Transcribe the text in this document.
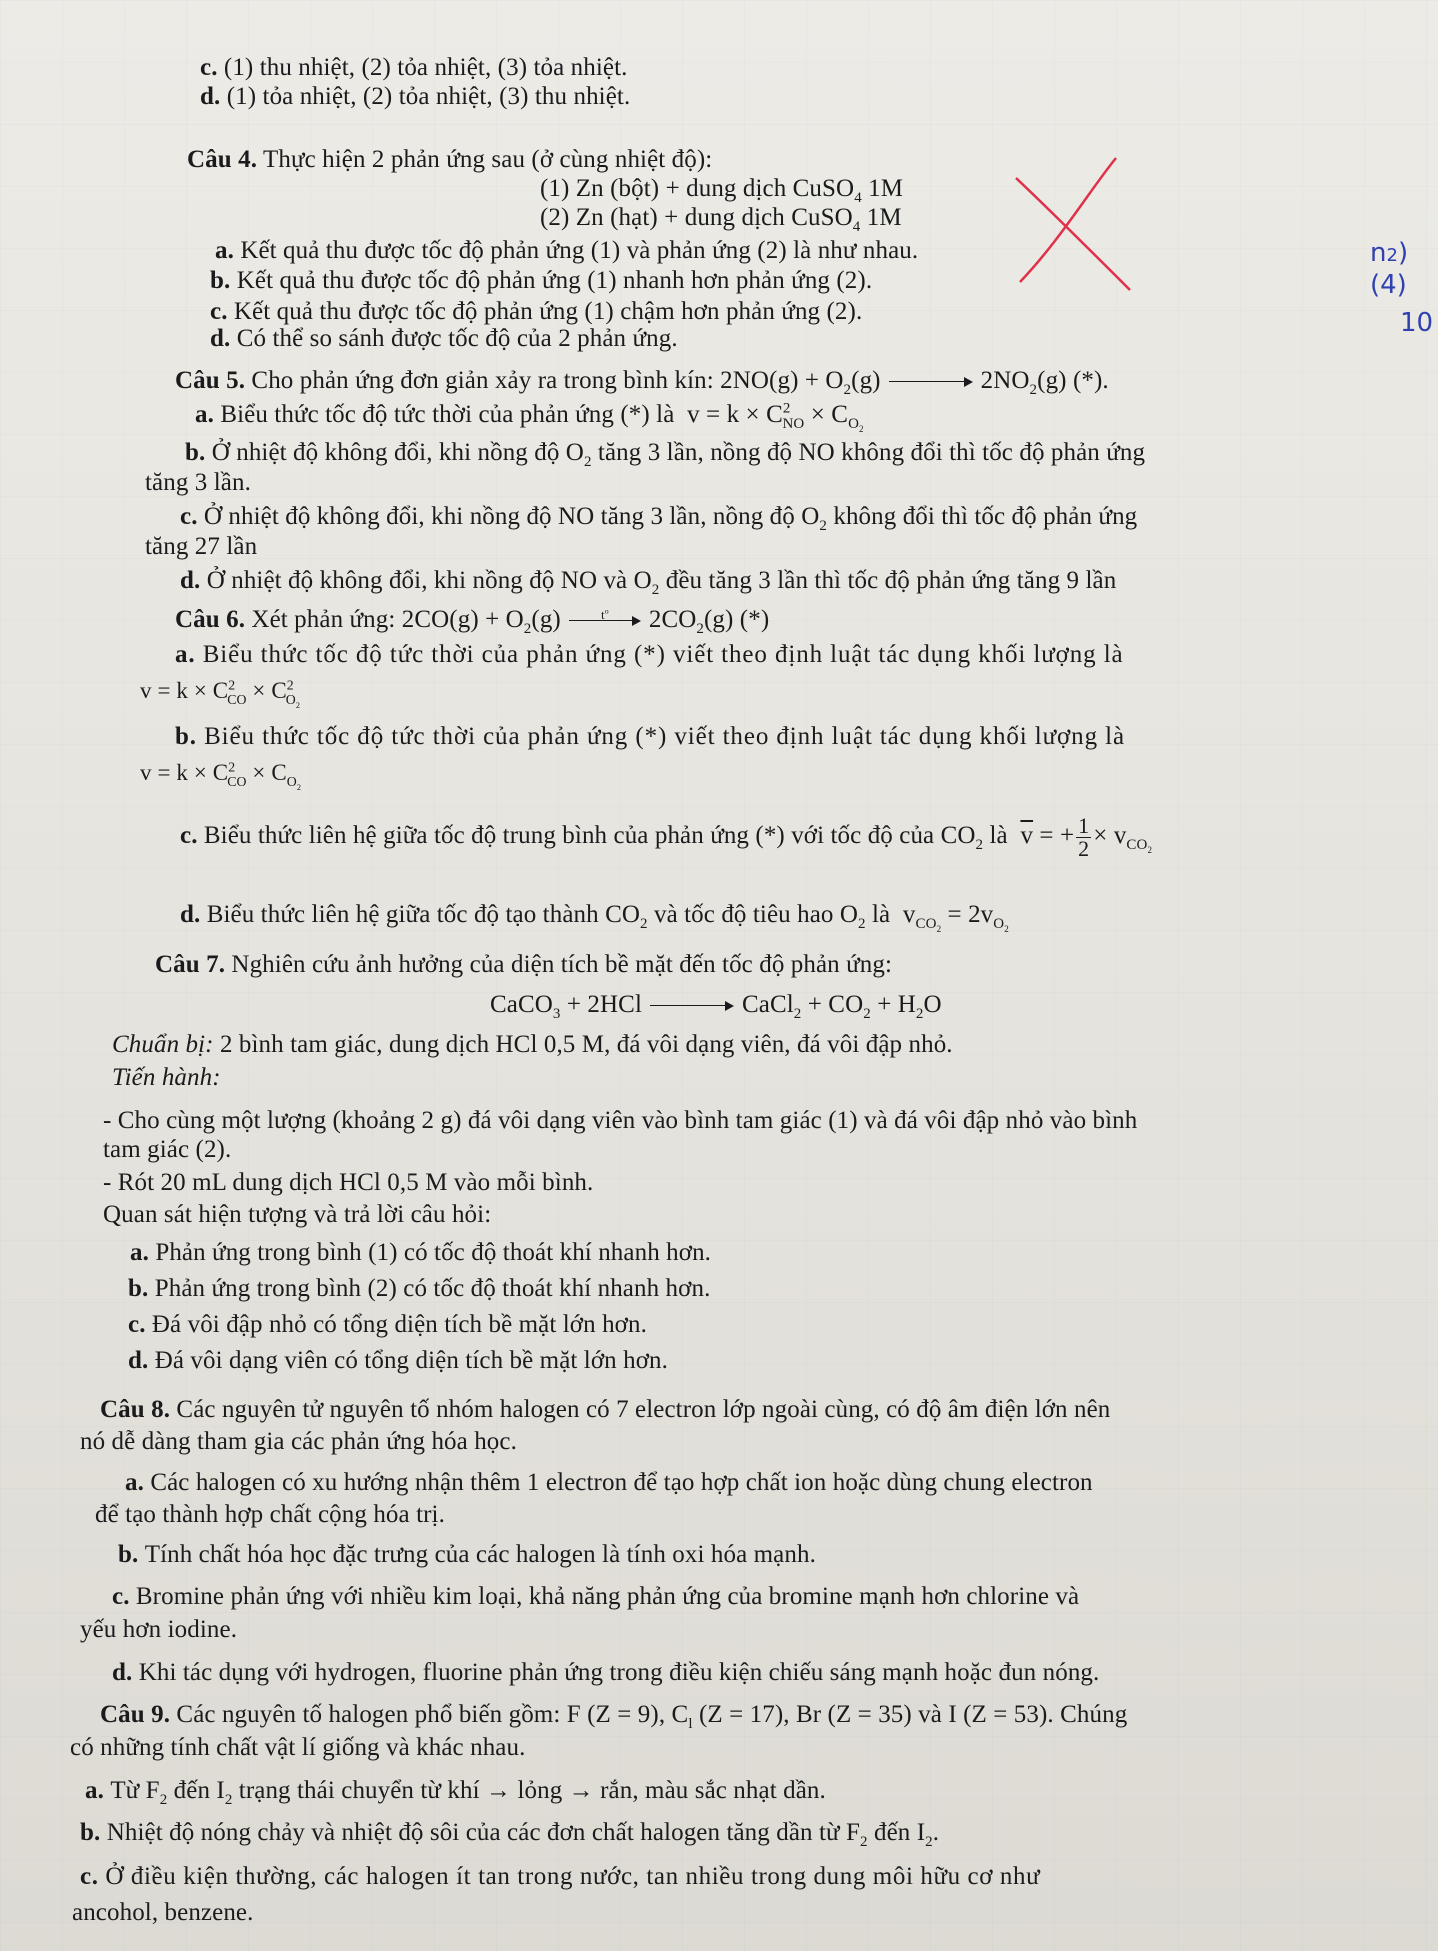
n2)
(4)
10
c. (1) thu nhiệt, (2) tỏa nhiệt, (3) tỏa nhiệt.
d. (1) tỏa nhiệt, (2) tỏa nhiệt, (3) thu nhiệt.
Câu 4. Thực hiện 2 phản ứng sau (ở cùng nhiệt độ):
(1) Zn (bột) + dung dịch CuSO$_4$ 1M
(2) Zn (hạt) + dung dịch CuSO$_4$ 1M
a. Kết quả thu được tốc độ phản ứng (1) và phản ứng (2) là như nhau.
b. Kết quả thu được tốc độ phản ứng (1) nhanh hơn phản ứng (2).
c. Kết quả thu được tốc độ phản ứng (1) chậm hơn phản ứng (2).
d. Có thể so sánh được tốc độ của 2 phản ứng.
Câu 5. Cho phản ứng đơn giản xảy ra trong bình kín: $2NO(g) + O_2(g)$	$2NO_2(g)$ (*).
a. Biểu thức tốc độ tức thời của phản ứng (*) là  $v = k \times C^2_{NO} \times C_{O_2}$
b. Ở nhiệt độ không đổi, khi nồng độ $O_2$ tăng 3 lần, nồng độ NO không đổi thì tốc độ phản ứng
tăng 3 lần.
c. Ở nhiệt độ không đổi, khi nồng độ NO tăng 3 lần, nồng độ $O_2$ không đổi thì tốc độ phản ứng
tăng 27 lần
d. Ở nhiệt độ không đổi, khi nồng độ NO và $O_2$ đều tăng 3 lần thì tốc độ phản ứng tăng 9 lần
Câu 6. Xét phản ứng: $2CO(g) + O_2(g)$	$t^o$	$2CO_2(g)$ (*)
a. Biểu thức tốc độ tức thời của phản ứng (*) viết theo định luật tác dụng khối lượng là
$v = k \times C^2_{CO} \times C^2_{O_2}$
b. Biểu thức tốc độ tức thời của phản ứng (*) viết theo định luật tác dụng khối lượng là
$v = k \times C^2_{CO} \times C_{O_2}$
c. Biểu thức liên hệ giữa tốc độ trung bình của phản ứng (*) với tốc độ của $CO_2$ là  $\overline{v}$ = + $\frac{1}{2} \times v_{CO_2}$
d. Biểu thức liên hệ giữa tốc độ tạo thành $CO_2$ và tốc độ tiêu hao $O_2$ là  $v_{CO_2} = 2v_{O_2}$
Câu 7. Nghiên cứu ảnh hưởng của diện tích bề mặt đến tốc độ phản ứng:
CaCO$_3$ + 2HCl	CaCl$_2$ + $CO_2 + H_2O$
Chuẩn bị: 2 bình tam giác, dung dịch HCl 0,5 M, đá vôi dạng viên, đá vôi đập nhỏ.
Tiến hành:
- Cho cùng một lượng (khoảng 2 g) đá vôi dạng viên vào bình tam giác (1) và đá vôi đập nhỏ vào bình
tam giác (2).
- Rót 20 mL dung dịch HCl 0,5 M vào mỗi bình.
Quan sát hiện tượng và trả lời câu hỏi:
a. Phản ứng trong bình (1) có tốc độ thoát khí nhanh hơn.
b. Phản ứng trong bình (2) có tốc độ thoát khí nhanh hơn.
c. Đá vôi đập nhỏ có tổng diện tích bề mặt lớn hơn.
d. Đá vôi dạng viên có tổng diện tích bề mặt lớn hơn.
Câu 8. Các nguyên tử nguyên tố nhóm halogen có 7 electron lớp ngoài cùng, có độ âm điện lớn nên
nó dễ dàng tham gia các phản ứng hóa học.
a. Các halogen có xu hướng nhận thêm 1 electron để tạo hợp chất ion hoặc dùng chung electron
để tạo thành hợp chất cộng hóa trị.
b. Tính chất hóa học đặc trưng của các halogen là tính oxi hóa mạnh.
c. Bromine phản ứng với nhiều kim loại, khả năng phản ứng của bromine mạnh hơn chlorine và
yếu hơn iodine.
d. Khi tác dụng với hydrogen, fluorine phản ứng trong điều kiện chiếu sáng mạnh hoặc đun nóng.
Câu 9. Các nguyên tố halogen phổ biến gồm: F (Z = 9), $C_l$ (Z = 17), Br (Z = 35) và I (Z = 53). Chúng
có những tính chất vật lí giống và khác nhau.
a. Từ $F_2$ đến $I_2$ trạng thái chuyển từ khí → lỏng → rắn, màu sắc nhạt dần.
b. Nhiệt độ nóng chảy và nhiệt độ sôi của các đơn chất halogen tăng dần từ $F_2$ đến $I_2$.
c. Ở điều kiện thường, các halogen ít tan trong nước, tan nhiều trong dung môi hữu cơ như
ancohol, benzene.
